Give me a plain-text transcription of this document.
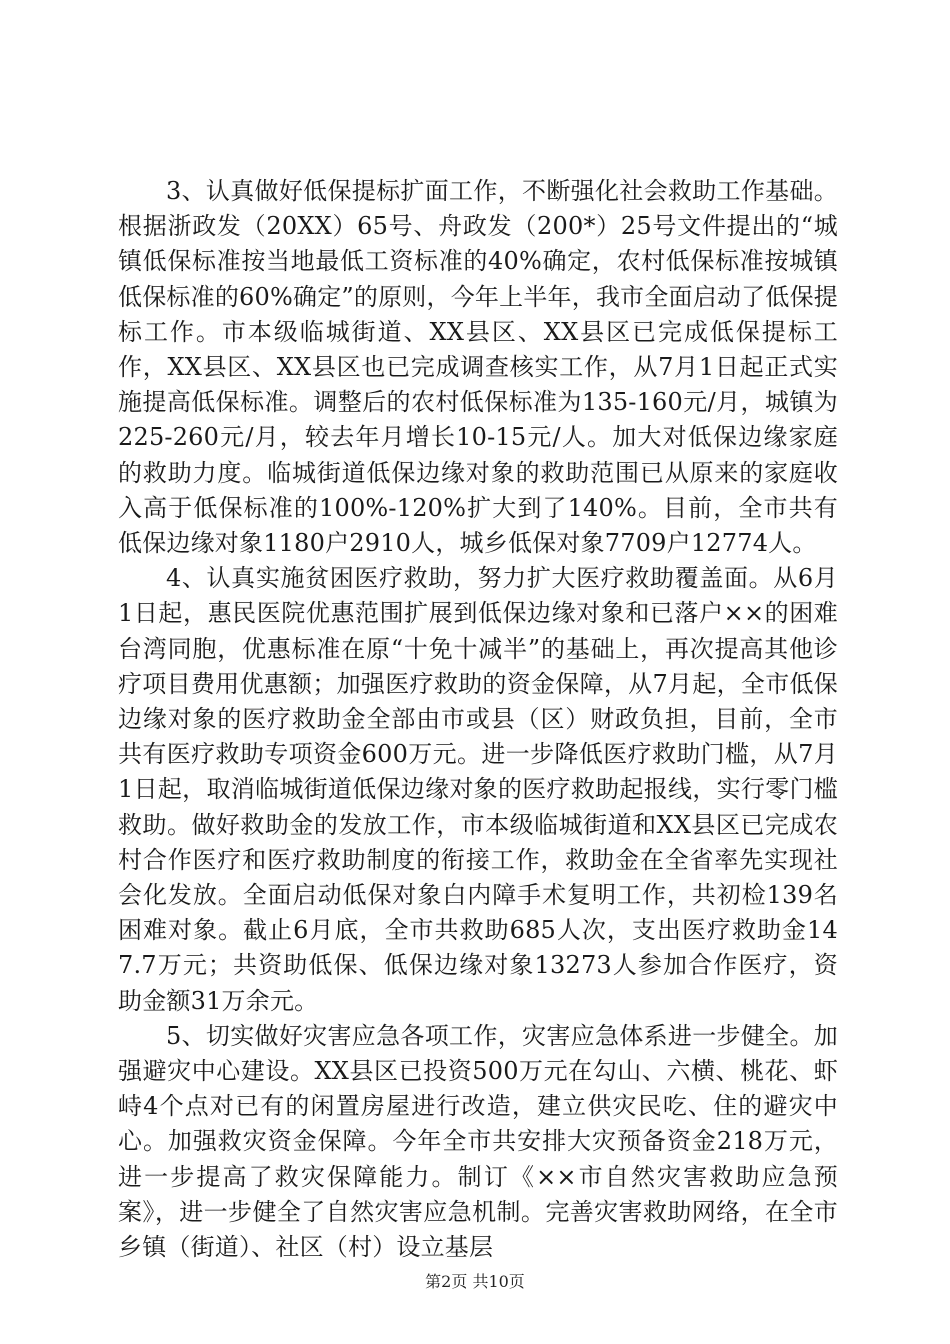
3、认真做好低保提标扩面工作，不断强化社会救助工作基础。根据浙政发（20XX）65号、舟政发（200*）25号文件提出的“城镇低保标准按当地最低工资标准的40%确定，农村低保标准按城镇低保标准的60%确定”的原则，今年上半年，我市全面启动了低保提标工作。市本级临城街道、XX县区、XX县区已完成低保提标工作，XX县区、XX县区也已完成调查核实工作，从7月1日起正式实施提高低保标准。调整后的农村低保标准为135-160元/月，城镇为225-260元/月，较去年月增长10-15元/人。加大对低保边缘家庭的救助力度。临城街道低保边缘对象的救助范围已从原来的家庭收入高于低保标准的100%-120%扩大到了140%。目前，全市共有低保边缘对象1180户2910人，城乡低保对象7709户12774人。

4、认真实施贫困医疗救助，努力扩大医疗救助覆盖面。从6月1日起，惠民医院优惠范围扩展到低保边缘对象和已落户××的困难台湾同胞，优惠标准在原“十免十减半”的基础上，再次提高其他诊疗项目费用优惠额；加强医疗救助的资金保障，从7月起，全市低保边缘对象的医疗救助金全部由市或县（区）财政负担，目前，全市共有医疗救助专项资金600万元。进一步降低医疗救助门槛，从7月1日起，取消临城街道低保边缘对象的医疗救助起报线，实行零门槛救助。做好救助金的发放工作，市本级临城街道和XX县区已完成农村合作医疗和医疗救助制度的衔接工作，救助金在全省率先实现社会化发放。全面启动低保对象白内障手术复明工作，共初检139名困难对象。截止6月底，全市共救助685人次，支出医疗救助金147.7万元；共资助低保、低保边缘对象13273人参加合作医疗，资助金额31万余元。

5、切实做好灾害应急各项工作，灾害应急体系进一步健全。加强避灾中心建设。XX县区已投资500万元在勾山、六横、桃花、虾峙4个点对已有的闲置房屋进行改造，建立供灾民吃、住的避灾中心。加强救灾资金保障。今年全市共安排大灾预备资金218万元，进一步提高了救灾保障能力。制订《××市自然灾害救助应急预案》，进一步健全了自然灾害应急机制。完善灾害救助网络，在全市乡镇（街道）、社区（村）设立基层

第2页 共10页
